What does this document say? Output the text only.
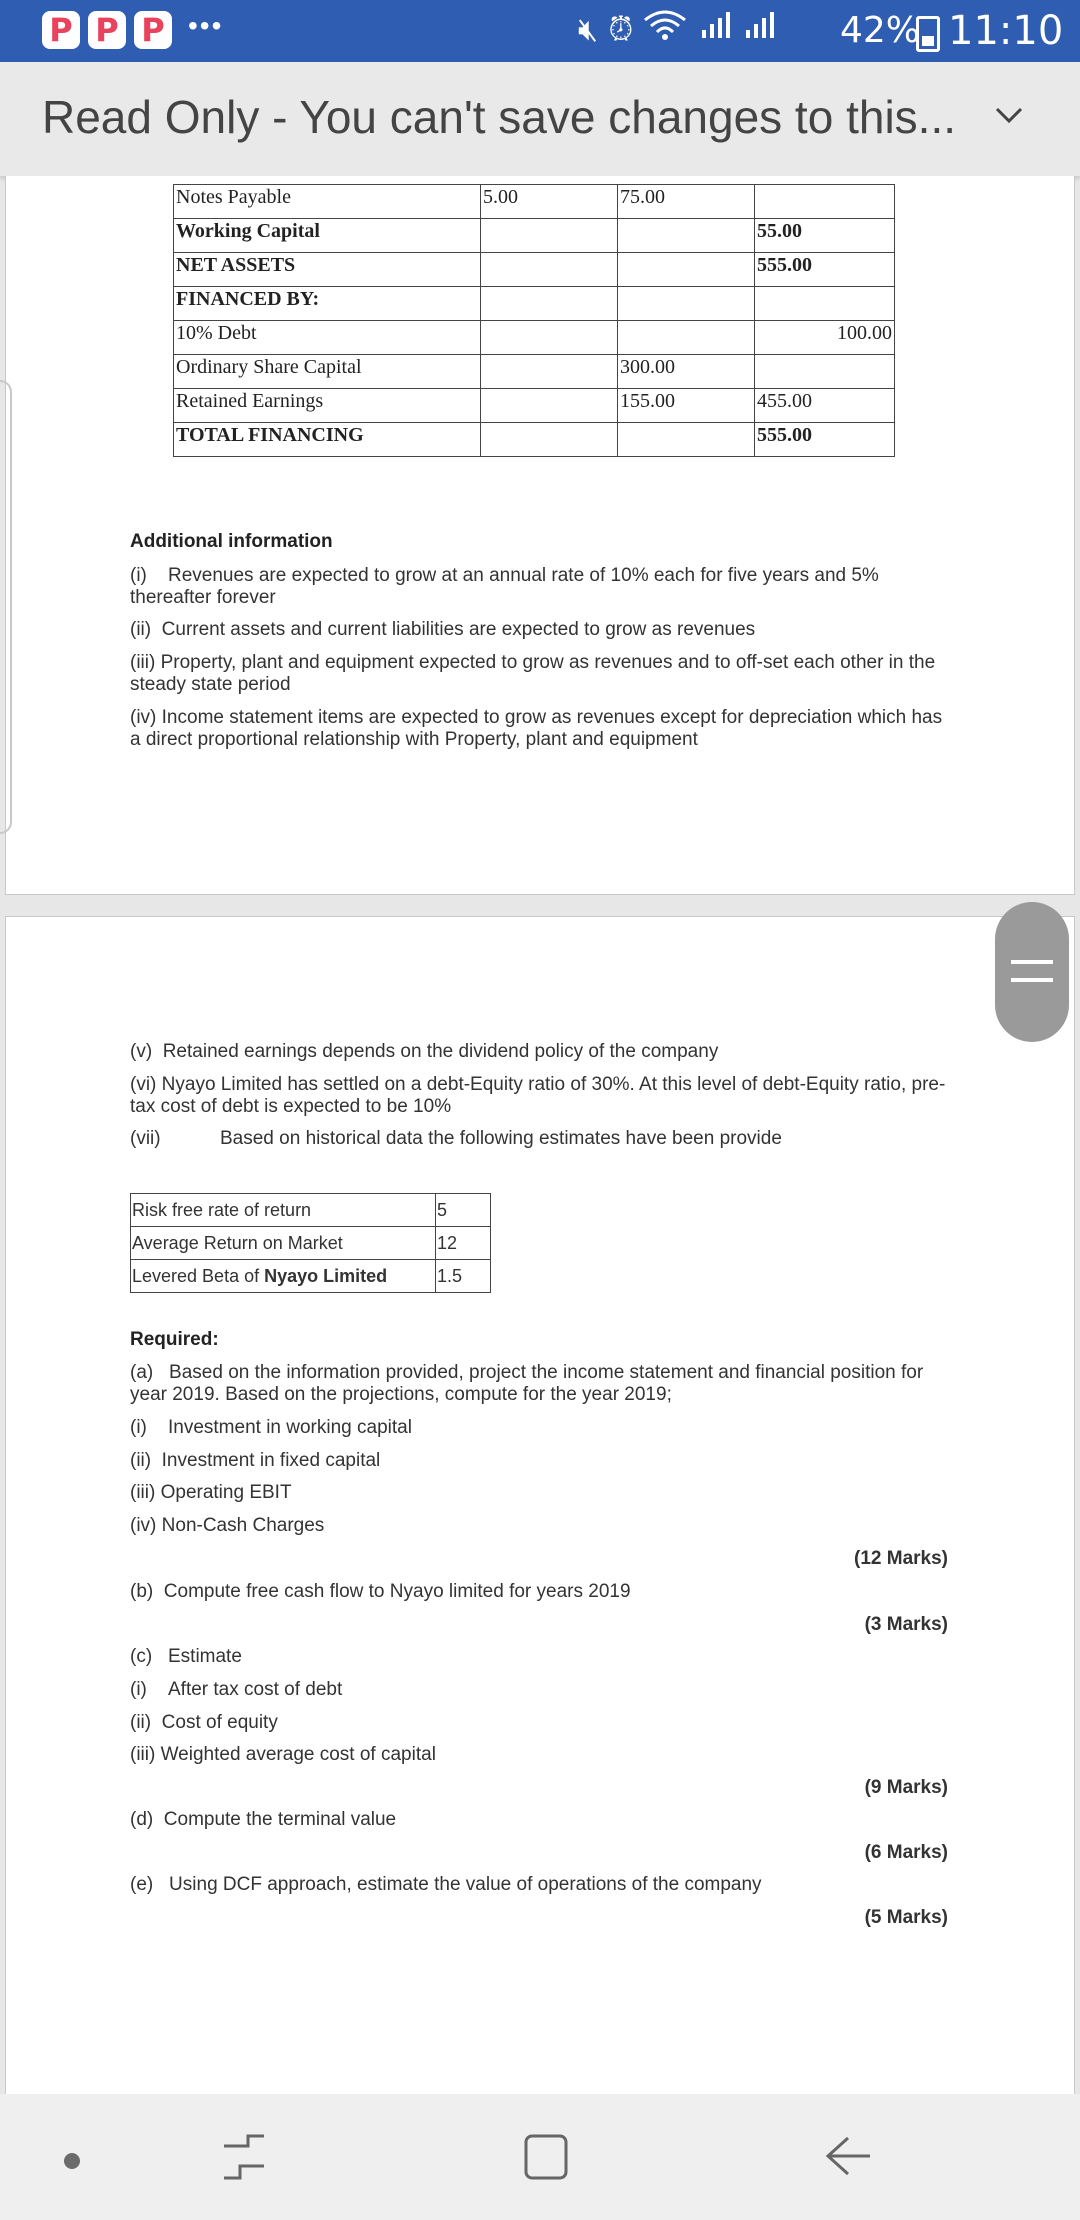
P P P •••	🔇︎ ⏰︎	42% 11:10
Read Only - You can't save changes to this...
Notes Payable	5.00	75.00	
Working Capital			55.00
NET ASSETS			555.00
FINANCED BY:			
10% Debt			100.00
Ordinary Share Capital		300.00	
Retained Earnings		155.00	455.00
TOTAL FINANCING			555.00
Additional information
(i)    Revenues are expected to grow at an annual rate of 10% each for five years and 5% thereafter forever
(ii)  Current assets and current liabilities are expected to grow as revenues
(iii) Property, plant and equipment expected to grow as revenues and to off-set each other in the steady state period
(iv) Income statement items are expected to grow as revenues except for depreciation which has a direct proportional relationship with Property, plant and equipment
(v)  Retained earnings depends on the dividend policy of the company
(vi) Nyayo Limited has settled on a debt-Equity ratio of 30%. At this level of debt-Equity ratio, pre-tax cost of debt is expected to be 10%
(vii)	Based on historical data the following estimates have been provide
Risk free rate of return	5
Average Return on Market	12
Levered Beta of Nyayo Limited	1.5
Required:
(a)   Based on the information provided, project the income statement and financial position for year 2019. Based on the projections, compute for the year 2019;
(i)    Investment in working capital
(ii)  Investment in fixed capital
(iii) Operating EBIT
(iv) Non-Cash Charges
(12 Marks)
(b)  Compute free cash flow to Nyayo limited for years 2019
(3 Marks)
(c)   Estimate
(i)    After tax cost of debt
(ii)  Cost of equity
(iii) Weighted average cost of capital
(9 Marks)
(d)  Compute the terminal value
(6 Marks)
(e)   Using DCF approach, estimate the value of operations of the company
(5 Marks)
